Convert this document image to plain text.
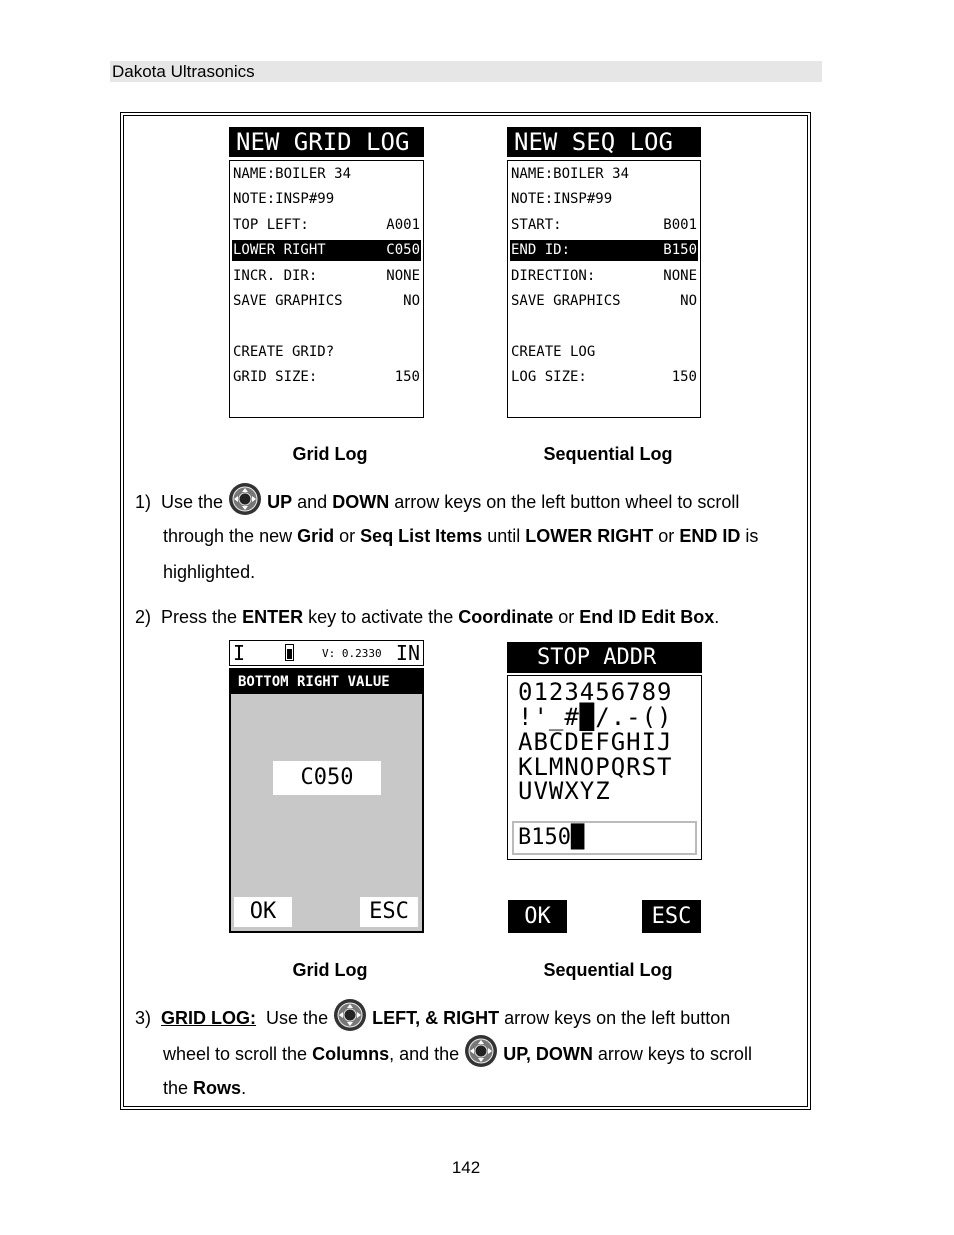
Dakota Ultrasonics
NEW GRID LOG
NAME:BOILER 34
NOTE:INSP#99
TOP LEFT:	A001
LOWER RIGHT	C050
INCR. DIR:	NONE
SAVE GRAPHICS	NO
CREATE GRID?
GRID SIZE:	150
NEW SEQ LOG
NAME:BOILER 34
NOTE:INSP#99
START:	B001
END ID:	B150
DIRECTION:	NONE
SAVE GRAPHICS	NO
CREATE LOG
LOG SIZE:	150
Grid Log	Sequential Log
1) Use the UP and DOWN arrow keys on the left button wheel to scroll
through the new Grid or Seq List Items until LOWER RIGHT or END ID is
highlighted.
2) Press the ENTER key to activate the Coordinate or End ID Edit Box.
I	V: 0.2330 IN
BOTTOM RIGHT VALUE
C050
OK	ESC
STOP ADDR
0123456789
!'_#█/.-()
ABCDEFGHIJ
KLMNOPQRST
UVWXYZ
B150█
OK	ESC
Grid Log	Sequential Log
3) GRID LOG: Use the LEFT, & RIGHT arrow keys on the left button
wheel to scroll the Columns, and the UP, DOWN arrow keys to scroll
the Rows.
142
